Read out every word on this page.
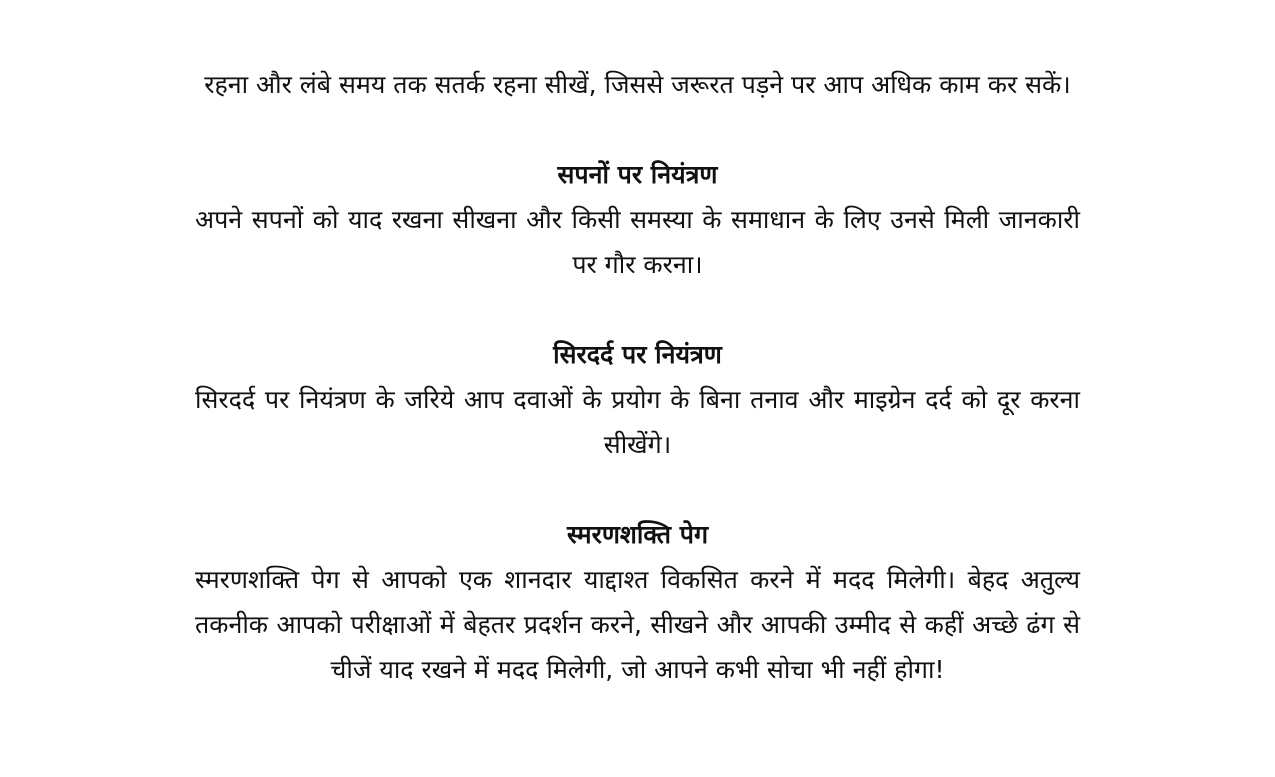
रहना और लंबे समय तक सतर्क रहना सीखें, जिससे जरूरत पड़ने पर आप अधिक काम कर सकें।

सपनों पर नियंत्रण

अपने सपनों को याद रखना सीखना और किसी समस्या के समाधान के लिए उनसे मिली जानकारी पर गौर करना।

सिरदर्द पर नियंत्रण

सिरदर्द पर नियंत्रण के जरिये आप दवाओं के प्रयोग के बिना तनाव और माइग्रेन दर्द को दूर करना सीखेंगे।

स्मरणशक्ति पेग

स्मरणशक्ति पेग से आपको एक शानदार याद्दाश्त विकसित करने में मदद मिलेगी। बेहद अतुल्य तकनीक आपको परीक्षाओं में बेहतर प्रदर्शन करने, सीखने और आपकी उम्मीद से कहीं अच्छे ढंग से चीजें याद रखने में मदद मिलेगी, जो आपने कभी सोचा भी नहीं होगा!
